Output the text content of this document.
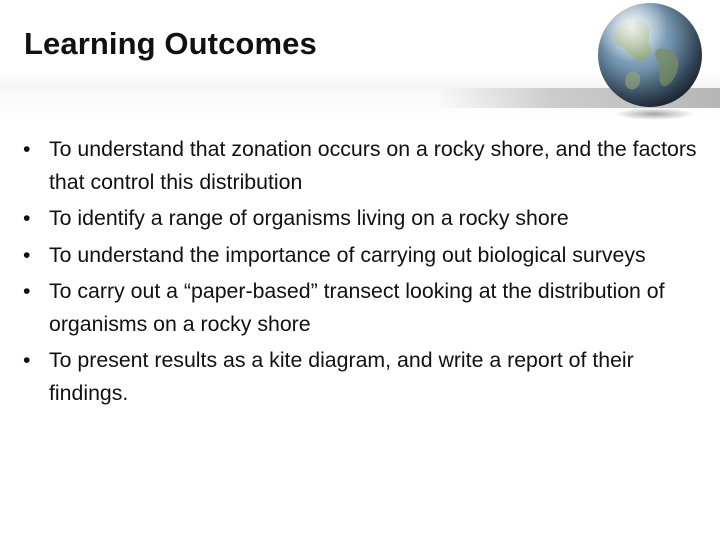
Learning Outcomes
• To understand that zonation occurs on a rocky shore, and the factors that control this distribution
• To identify a range of organisms living on a rocky shore
• To understand the importance of carrying out biological surveys
• To carry out a “paper-based” transect looking at the distribution of organisms on a rocky shore
• To present results as a kite diagram, and write a report of their findings.
